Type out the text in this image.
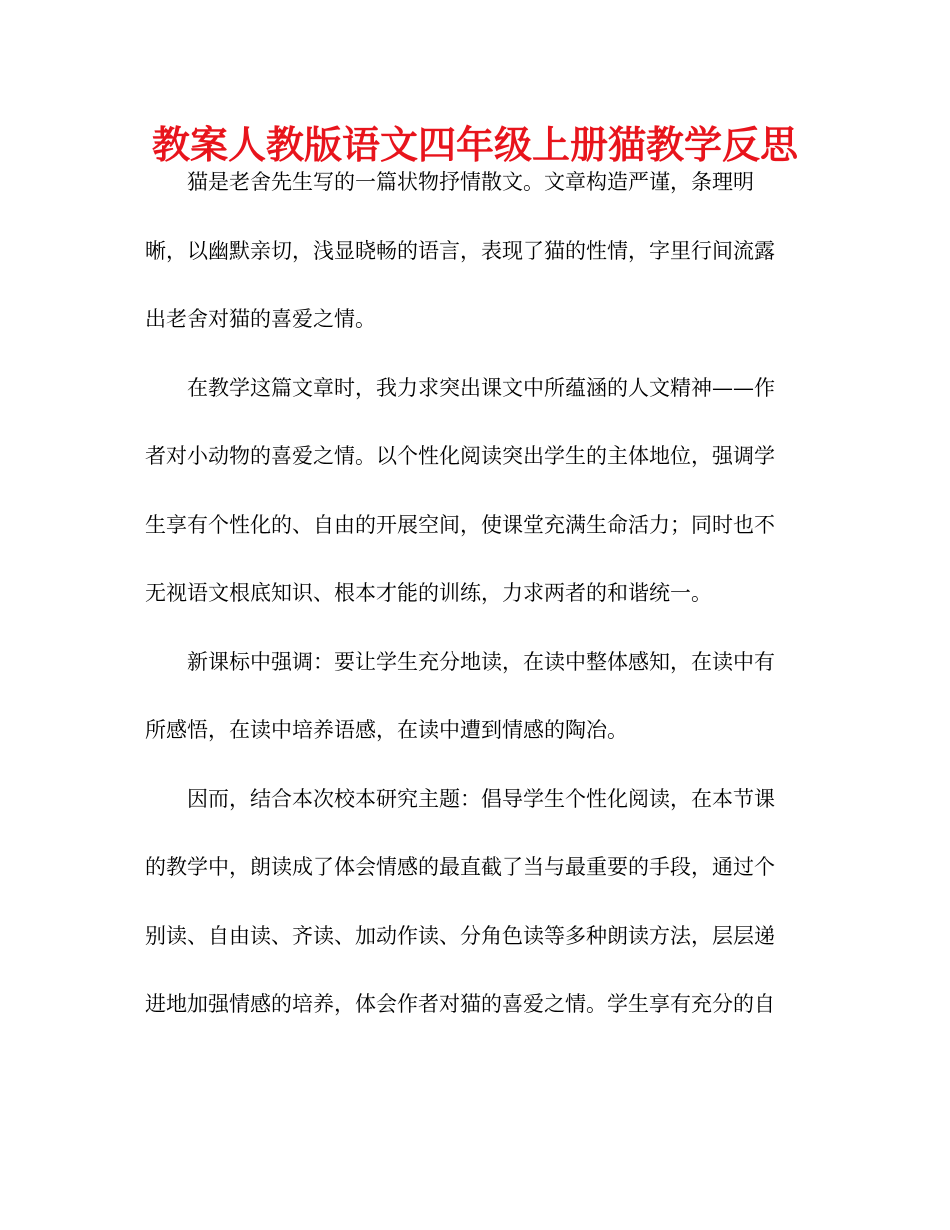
教案人教版语文四年级上册猫教学反思
猫是老舍先生写的一篇状物抒情散文。文章构造严谨，条理明
晰，以幽默亲切，浅显晓畅的语言，表现了猫的性情，字里行间流露
出老舍对猫的喜爱之情。
在教学这篇文章时，我力求突出课文中所蕴涵的人文精神——作
者对小动物的喜爱之情。以个性化阅读突出学生的主体地位，强调学
生享有个性化的、自由的开展空间，使课堂充满生命活力；同时也不
无视语文根底知识、根本才能的训练，力求两者的和谐统一。
新课标中强调：要让学生充分地读，在读中整体感知，在读中有
所感悟，在读中培养语感，在读中遭到情感的陶冶。
因而，结合本次校本研究主题：倡导学生个性化阅读，在本节课
的教学中，朗读成了体会情感的最直截了当与最重要的手段，通过个
别读、自由读、齐读、加动作读、分角色读等多种朗读方法，层层递
进地加强情感的培养，体会作者对猫的喜爱之情。学生享有充分的自
